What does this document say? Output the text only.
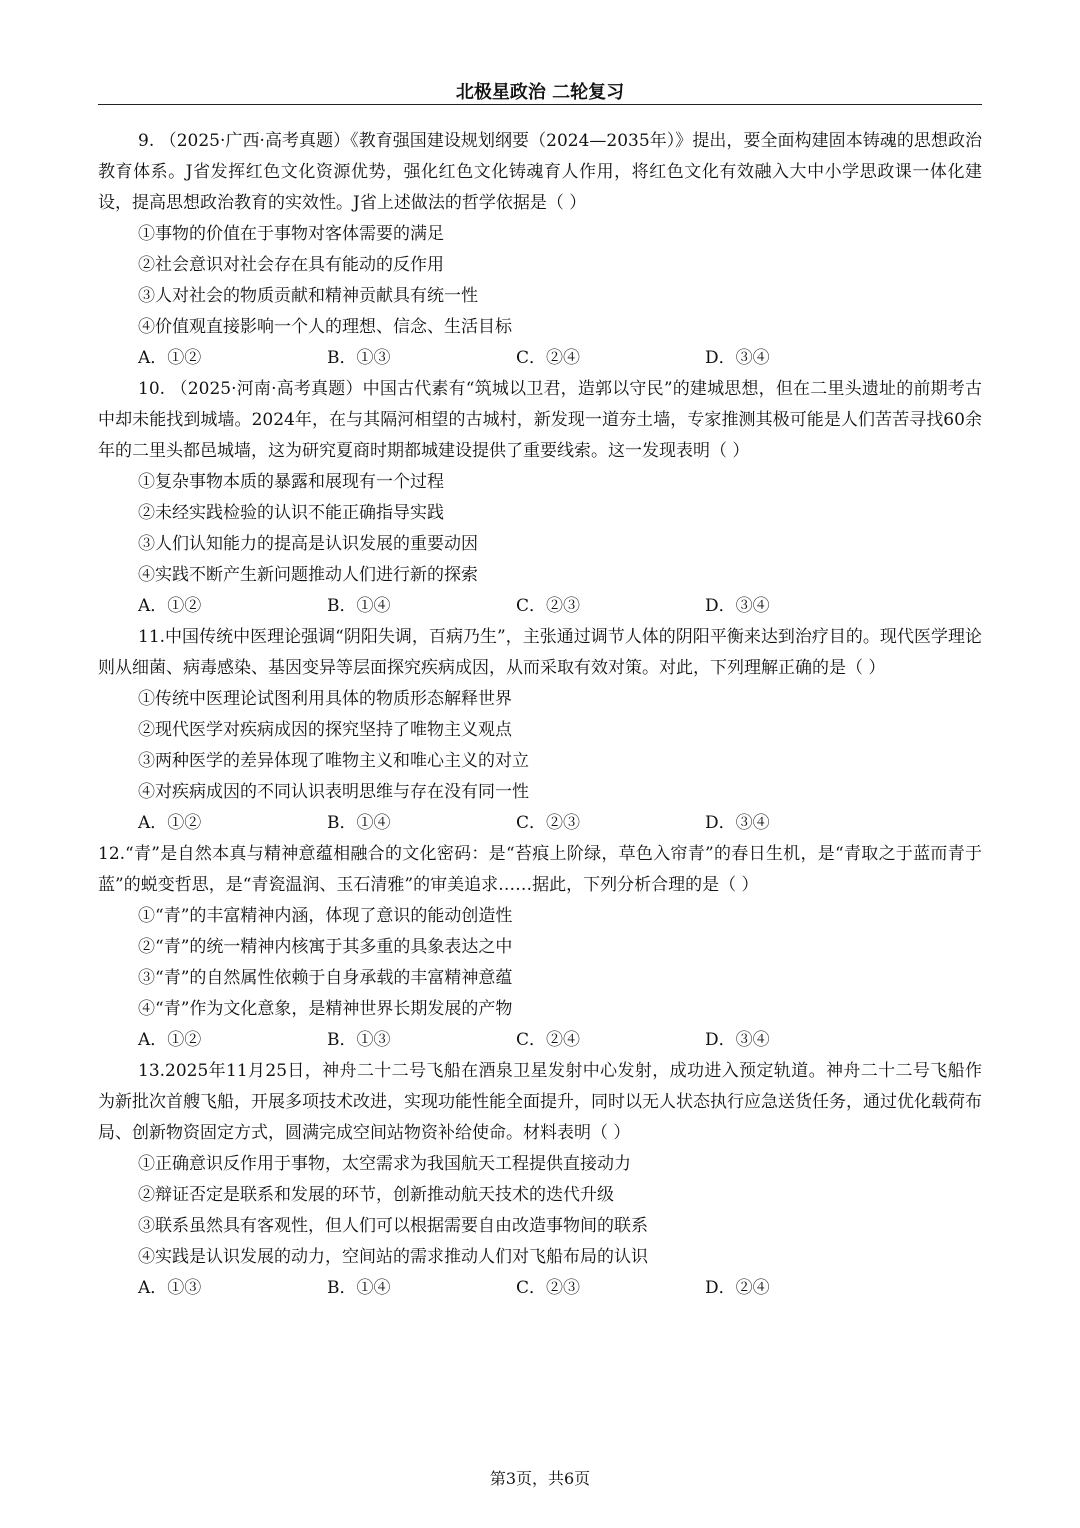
北极星政治 二轮复习

9. （2025·广西·高考真题）《教育强国建设规划纲要（2024—2035年）》提出，要全面构建固本铸魂的思想政治教育体系。J省发挥红色文化资源优势，强化红色文化铸魂育人作用，将红色文化有效融入大中小学思政课一体化建设，提高思想政治教育的实效性。J省上述做法的哲学依据是（ ）

①事物的价值在于事物对客体需要的满足
②社会意识对社会存在具有能动的反作用
③人对社会的物质贡献和精神贡献具有统一性
④价值观直接影响一个人的理想、信念、生活目标
A．①②	B．①③	C．②④	D．③④

10. （2025·河南·高考真题）中国古代素有“筑城以卫君，造郭以守民”的建城思想，但在二里头遗址的前期考古中却未能找到城墙。2024年，在与其隔河相望的古城村，新发现一道夯土墙，专家推测其极可能是人们苦苦寻找60余年的二里头都邑城墙，这为研究夏商时期都城建设提供了重要线索。这一发现表明（ ）

①复杂事物本质的暴露和展现有一个过程
②未经实践检验的认识不能正确指导实践
③人们认知能力的提高是认识发展的重要动因
④实践不断产生新问题推动人们进行新的探索
A．①②	B．①④	C．②③	D．③④

11.中国传统中医理论强调“阴阳失调，百病乃生”，主张通过调节人体的阴阳平衡来达到治疗目的。现代医学理论则从细菌、病毒感染、基因变异等层面探究疾病成因，从而采取有效对策。对此，下列理解正确的是（ ）

①传统中医理论试图利用具体的物质形态解释世界
②现代医学对疾病成因的探究坚持了唯物主义观点
③两种医学的差异体现了唯物主义和唯心主义的对立
④对疾病成因的不同认识表明思维与存在没有同一性
A．①②	B．①④	C．②③	D．③④

12.“青”是自然本真与精神意蕴相融合的文化密码：是“苔痕上阶绿，草色入帘青”的春日生机，是“青取之于蓝而青于蓝”的蜕变哲思，是“青瓷温润、玉石清雅”的审美追求……据此，下列分析合理的是（ ）

①“青”的丰富精神内涵，体现了意识的能动创造性
②“青”的统一精神内核寓于其多重的具象表达之中
③“青”的自然属性依赖于自身承载的丰富精神意蕴
④“青”作为文化意象，是精神世界长期发展的产物
A．①②	B．①③	C．②④	D．③④

13.2025年11月25日，神舟二十二号飞船在酒泉卫星发射中心发射，成功进入预定轨道。神舟二十二号飞船作为新批次首艘飞船，开展多项技术改进，实现功能性能全面提升，同时以无人状态执行应急送货任务，通过优化载荷布局、创新物资固定方式，圆满完成空间站物资补给使命。材料表明（ ）

①正确意识反作用于事物，太空需求为我国航天工程提供直接动力
②辩证否定是联系和发展的环节，创新推动航天技术的迭代升级
③联系虽然具有客观性，但人们可以根据需要自由改造事物间的联系
④实践是认识发展的动力，空间站的需求推动人们对飞船布局的认识
A．①③	B．①④	C．②③	D．②④
第3页，共6页
